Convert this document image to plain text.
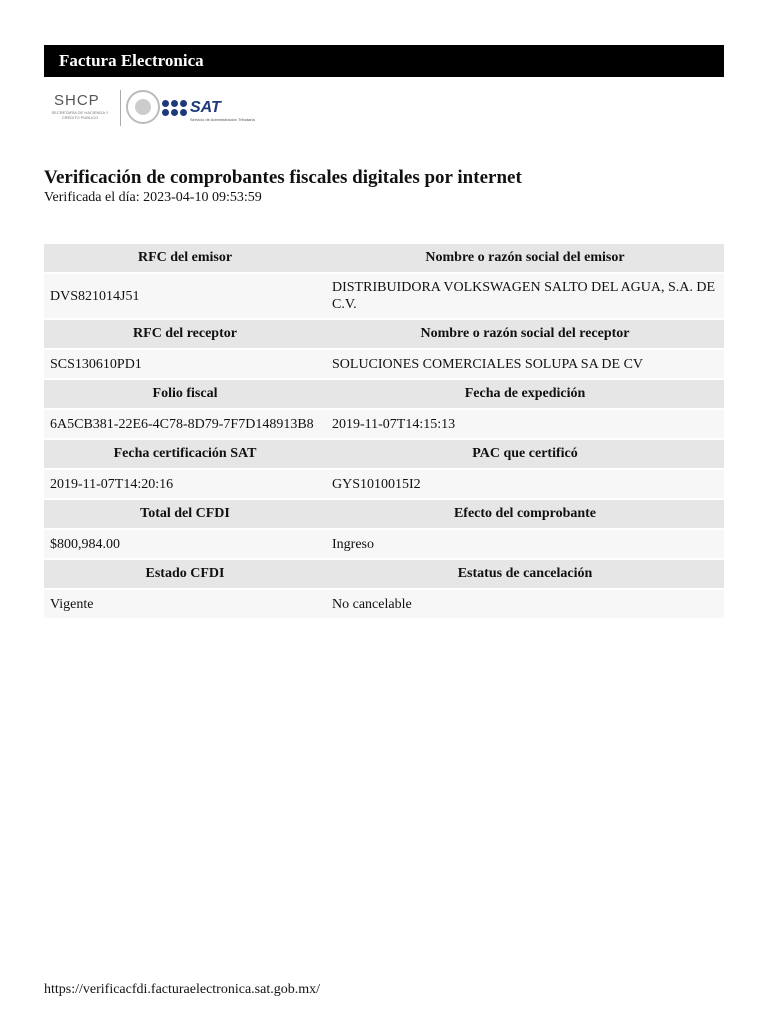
Factura Electronica
SHCP
SECRETARÍA DE HACIENDA Y CRÉDITO PÚBLICO
SAT
Servicio de Administración Tributaria
Verificación de comprobantes fiscales digitales por internet
Verificada el día: 2023-04-10 09:53:59
RFC del emisor	Nombre o razón social del emisor
DVS821014J51	DISTRIBUIDORA VOLKSWAGEN SALTO DEL AGUA, S.A. DE C.V.
RFC del receptor	Nombre o razón social del receptor
SCS130610PD1	SOLUCIONES COMERCIALES SOLUPA SA DE CV
Folio fiscal	Fecha de expedición
6A5CB381-22E6-4C78-8D79-7F7D148913B8	2019-11-07T14:15:13
Fecha certificación SAT	PAC que certificó
2019-11-07T14:20:16	GYS1010015I2
Total del CFDI	Efecto del comprobante
$800,984.00	Ingreso
Estado CFDI	Estatus de cancelación
Vigente	No cancelable
https://verificacfdi.facturaelectronica.sat.gob.mx/
